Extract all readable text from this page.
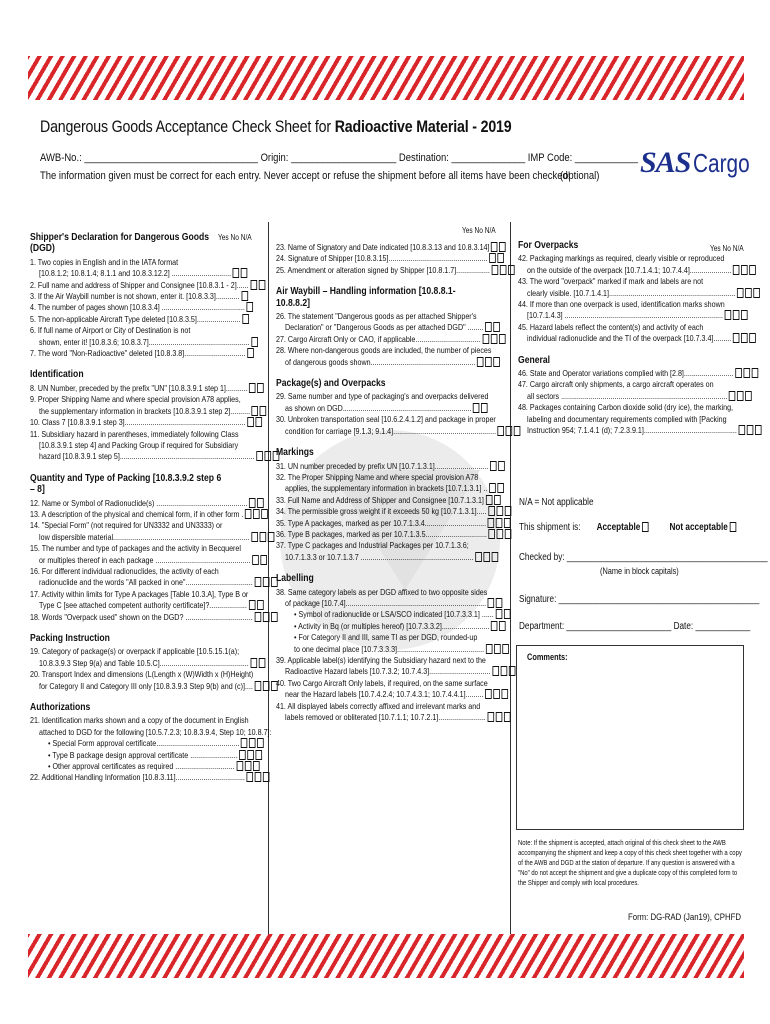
Dangerous Goods Acceptance Check Sheet for Radioactive Material - 2019
AWB-No.: _________________________________ Origin: ____________________ Destination: ______________ IMP Code: ____________
The information given must be correct for each entry. Never accept or refuse the shipment before all items have been checked!
(optional) SAS Cargo
Yes No N/A
Yes No N/A
Yes No N/A
Shipper's Declaration for Dangerous Goods (DGD)
1. Two copies in English and in the IATA format
[10.8.1.2; 10.8.1.4; 8.1.1 and 10.8.3.12.2] ..............................
2. Full name and address of Shipper and Consignee [10.8.3.1 - 2]......
3. If the Air Waybill number is not shown, enter it. [10.8.3.3]............
4. The number of pages shown [10.8.3.4] ..........................................
5. The non-applicable Aircraft Type deleted [10.8.3.5]......................
6. If full name of Airport or City of Destination is not
shown, enter it! [10.8.3.6; 10.8.3.7]...................................................
7. The word "Non-Radioactive" deleted [10.8.3.8]...............................
Identification
8. UN Number, preceded by the prefix "UN" [10.8.3.9.1 step 1]...........
9. Proper Shipping Name and where special provision A78 applies,
the supplementary information in brackets [10.8.3.9.1 step 2]..........
10. Class 7 [10.8.3.9.1 step 3].............................................................
11. Subsidiary hazard in parentheses, immediately following Class
[10.8.3.9.1 step 4] and Packing Group if required for Subsidiary
hazard [10.8.3.9.1 step 5]....................................................................
Quantity and Type of Packing [10.8.3.9.2 step 6 – 8]
12. Name or Symbol of Radionuclide(s) ..............................................
13. A description of the physical and chemical form, if in other form .
14. "Special Form" (not required for UN3332 and UN3333) or
low dispersible material.....................................................................
15. The number and type of packages and the activity in Becquerel
or multiples thereof in each package ................................................
16. For different individual radionuclides, the activity of each
radionuclide and the words "All packed in one"..................................
17. Activity within limits for Type A packages [Table 10.3.A], Type B or
Type C [see attached competent authority certificate]?...................
18. Words "Overpack used" shown on the DGD? ..................................
Packing Instruction
19. Category of package(s) or overpack if applicable [10.5.15.1(a);
10.8.3.9.3 Step 9(a) and Table 10.5.C].............................................
20. Transport Index and dimensions (L(Length x (W)Width x (H)Height)
for Category II and Category III only [10.8.3.9.3 Step 9(b) and (c)]....
Authorizations
21. Identification marks shown and a copy of the document in English
attached to DGD for the following [10.5.7.2.3; 10.8.3.9.4, Step 10; 10.8.7]:
• Special Form approval certificate..........................................
• Type B package design approval certificate ........................
• Other approval certificates as required ..............................
22. Additional Handling Information [10.8.3.11]...................................
23. Name of Signatory and Date indicated [10.8.3.13 and 10.8.3.14]
24. Signature of Shipper [10.8.3.15]..................................................
25. Amendment or alteration signed by Shipper [10.8.1.7].................
Air Waybill – Handling information [10.8.8.1-10.8.8.2]
26. The statement "Dangerous goods as per attached Shipper's
Declaration" or "Dangerous Goods as per attached DGD" ........
27. Cargo Aircraft Only or CAO, if applicable.................................
28. Where non-dangerous goods are included, the number of pieces
of dangerous goods shown.....................................................
Package(s) and Overpacks
29. Same number and type of packaging's and overpacks delivered
as shown on DGD.................................................................
30. Unbroken transportation seal [10.6.2.4.1.2] and package in proper
condition for carriage [9.1.3; 9.1.4]....................................................
Markings
31. UN number preceded by prefix UN [10.7.1.3.1]...........................
32. The Proper Shipping Name and where special provision A78
applies, the supplementary information in brackets [10.7.1.3.1] ..
33. Full Name and Address of Shipper and Consignee [10.7.1.3.1]
34. The permissible gross weight if it exceeds 50 kg [10.7.1.3.1].....
35. Type A packages, marked as per 10.7.1.3.4...............................
36. Type B packages, marked as per 10.7.1.3.5...............................
37. Type C packages and Industrial Packages per 10.7.1.3.6;
10.7.1.3.3 or 10.7.1.3.7 .........................................................
Labelling
38. Same category labels as per DGD affixed to two opposite sides
of package [10.7.4].......................................................................
• Symbol of radionuclide or LSA/SCO indicated [10.7.3.3.1] ......
• Activity in Bq (or multiples hereof) [10.7.3.3.2]........................
• For Category II and III, same TI as per DGD, rounded-up
to one decimal place [10.7.3.3.3]............................................
39. Applicable label(s) identifying the Subsidiary hazard next to the
Radioactive Hazard labels [10.7.3.2; 10.7.4.3]...............................
40. Two Cargo Aircraft Only labels, if required, on the same surface
near the Hazard labels [10.7.4.2.4; 10.7.4.3.1; 10.7.4.4.1].........
41. All displayed labels correctly affixed and irrelevant marks and
labels removed or obliterated [10.7.1.1; 10.7.2.1]........................
For Overpacks
42. Packaging markings as required, clearly visible or reproduced
on the outside of the overpack [10.7.1.4.1; 10.7.4.4].....................
43. The word "overpack" marked if mark and labels are not
clearly visible. [10.7.1.4.1]................................................................
44. If more than one overpack is used, identification marks shown
[10.7.1.4.3] ................................................................................
45. Hazard labels reflect the content(s) and activity of each
individual radionuclide and the TI of the overpack [10.7.3.4].........
General
46. State and Operator variations complied with [2.8].........................
47. Cargo aircraft only shipments, a cargo aircraft operates on
all sectors ....................................................................................
48. Packages containing Carbon dioxide solid (dry ice), the marking,
labeling and documentary requirements complied with [Packing
Instruction 954; 7.1.4.1 (d); 7.2.3.9.1]...............................................
N/A = Not applicable
This shipment is: Acceptable	Not acceptable
Checked by: ____________________________________________
(Name in block capitals)
Signature: ____________________________________________
Department: _______________________ Date: ____________
Comments:
Note: If the shipment is accepted, attach original of this check sheet to the AWB accompanying the shipment and keep a copy of this check sheet together with a copy of the AWB and DGD at the station of departure. If any question is answered with a "No" do not accept the shipment and give a duplicate copy of this completed form to the Shipper and comply with local procedures.
Form: DG-RAD (Jan19), CPHFD
